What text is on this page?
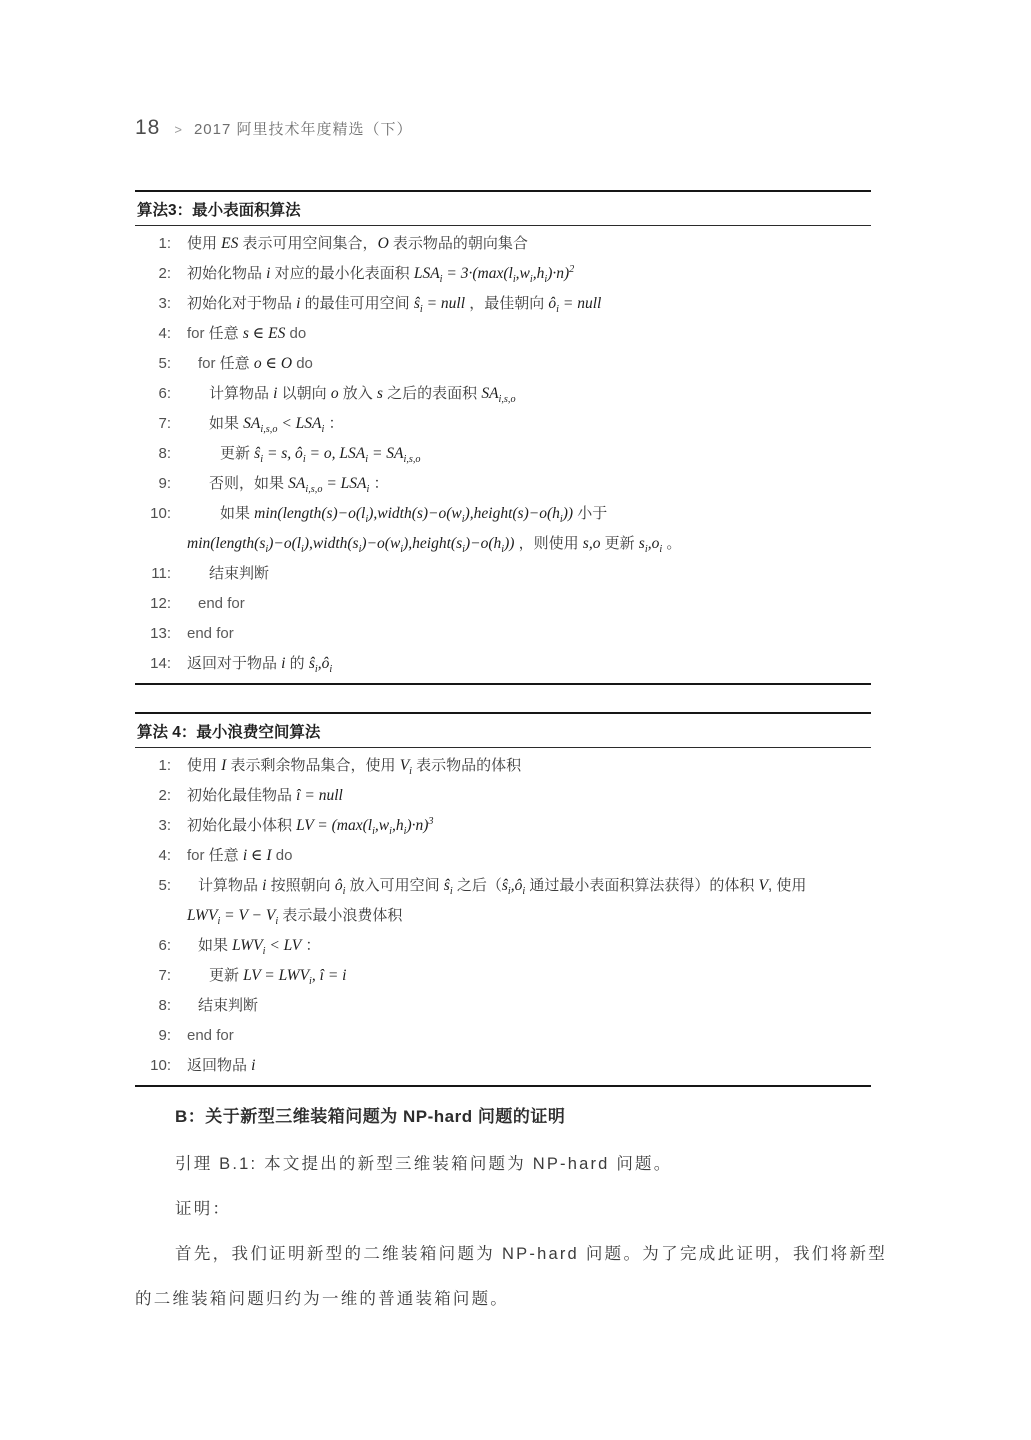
18 > 2017 阿里技术年度精选（下）
算法3：最小表面积算法
1:	使用 ES 表示可用空间集合，O 表示物品的朝向集合
2:	初始化物品 i 对应的最小化表面积 $LSA_i = 3\cdot(\max(l_i,w_i,h_i)\cdot n)^2$
3:	初始化对于物品 i 的最佳可用空间 $ŝ_i$ = null ，最佳朝向 $ô_i$ = null
4:	for 任意 s ∈ ES do
5:	for 任意 o ∈ O do
6:	计算物品 i 以朝向 o 放入 s 之后的表面积 $SA_{i,s,o}$
7:	如果 $SA_{i,s,o} < LSA_i$ ：
8:	更新 $ŝ_i = s$, $ô_i = o$, $LSA_i = SA_{i,s,o}$
9:	否则，如果 $SA_{i,s,o} = LSA_i$ ：
10:	如果 $\min(length(s)-o(l_i),width(s)-o(w_i),height(s)-o(h_i))$ 小于
$\min(length(s_i)-o(l_i),width(s_i)-o(w_i),height(s_i)-o(h_i))$ ，则使用 s,o 更新 $s_i,o_i$ 。
11:	结束判断
12:	end for
13:	end for
14:	返回对于物品 i 的 $ŝ_i,ô_i$
算法 4：最小浪费空间算法
1:	使用 I 表示剩余物品集合，使用 $V_i$ 表示物品的体积
2:	初始化最佳物品 î = null
3:	初始化最小体积 LV = $(\max(l_i,w_i,h_i)\cdot n)^3$
4:	for 任意 i ∈ I do
5:	计算物品 i 按照朝向 $ô_i$ 放入可用空间 $ŝ_i$ 之后（$ŝ_i,ô_i$ 通过最小表面积算法获得）的体积 V, 使用
$LWV_i = V - V_i$ 表示最小浪费体积
6:	如果 $LWV_i$ < LV ：
7:	更新 LV = $LWV_i$, î = i
8:	结束判断
9:	end for
10:	返回物品 i
B：关于新型三维装箱问题为 NP-hard 问题的证明

引理 B.1: 本文提出的新型三维装箱问题为 NP-hard 问题。

证明：

首先，我们证明新型的二维装箱问题为 NP-hard 问题。为了完成此证明，我们将新型的二维装箱问题归约为一维的普通装箱问题。
